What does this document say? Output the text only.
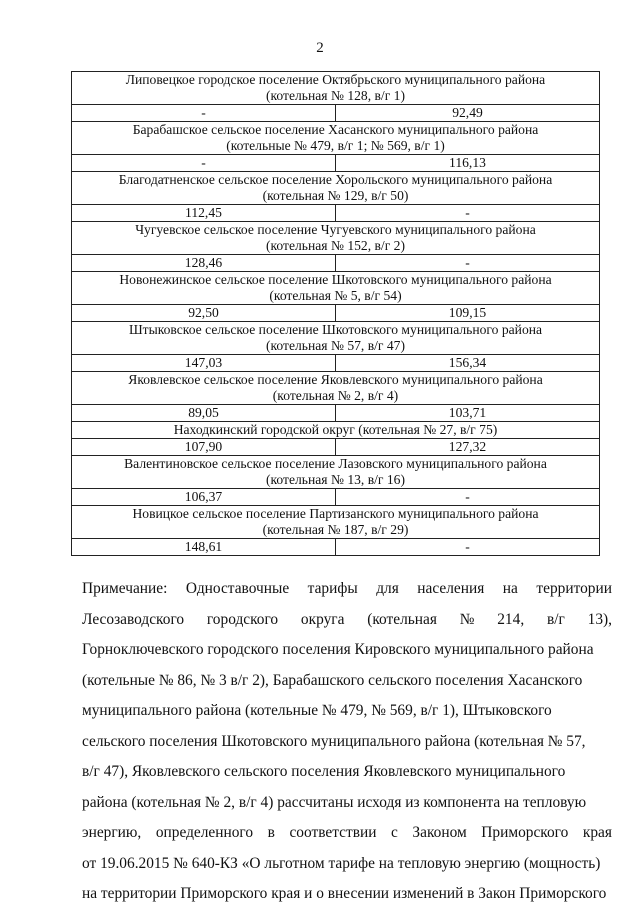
2
Липовецкое городское поселение Октябрьского муниципального района
(котельная № 128, в/г 1)	

-	92,49

Барабашское сельское поселение Хасанского муниципального района
(котельные № 479, в/г 1; № 569, в/г 1)	

-	116,13

Благодатненское сельское поселение Хорольского муниципального района
(котельная № 129, в/г 50)	

112,45	-

Чугуевское сельское поселение Чугуевского муниципального района
(котельная № 152, в/г 2)	

128,46	-

Новонежинское сельское поселение Шкотовского муниципального района
(котельная № 5, в/г 54)	

92,50	109,15

Штыковское сельское поселение Шкотовского муниципального района
(котельная № 57, в/г 47)	

147,03	156,34

Яковлевское сельское поселение Яковлевского муниципального района
(котельная № 2, в/г 4)	

89,05	103,71

Находкинский городской округ (котельная № 27, в/г 75)	

107,90	127,32

Валентиновское сельское поселение Лазовского муниципального района
(котельная № 13, в/г 16)	

106,37	-

Новицкое сельское поселение Партизанского муниципального района
(котельная № 187, в/г 29)	

148,61	-
Примечание: Одноставочные тарифы для населения на территории
Лесозаводского городского округа (котельная № 214, в/г 13),
Горноключевского городского поселения Кировского муниципального района
(котельные № 86, № 3 в/г 2), Барабашского сельского поселения Хасанского
муниципального района (котельные № 479, № 569, в/г 1), Штыковского
сельского поселения Шкотовского муниципального района (котельная № 57,
в/г 47), Яковлевского сельского поселения Яковлевского муниципального
района (котельная № 2, в/г 4) рассчитаны исходя из компонента на тепловую
энергию, определенного в соответствии с Законом Приморского края
от 19.06.2015 № 640-КЗ «О льготном тарифе на тепловую энергию (мощность)
на территории Приморского края и о внесении изменений в Закон Приморского
